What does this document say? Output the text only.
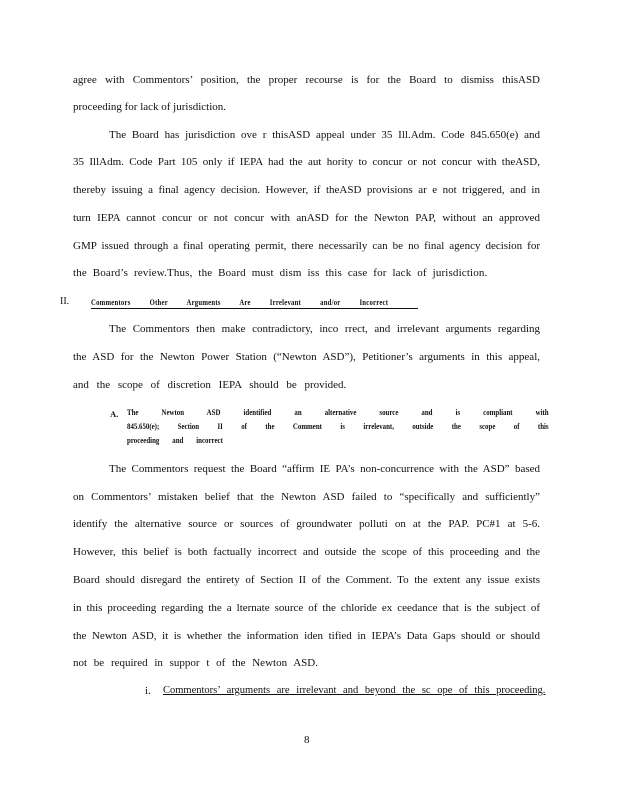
agree with Commentors’ position, the proper recourse is for the Board to dismiss thisASD
proceeding for lack of jurisdiction.
The Board has jurisdiction ove r thisASD appeal under 35 Ill.Adm. Code 845.650(e) and
35 IllAdm. Code Part 105 only if IEPA had the aut hority to concur or not concur with theASD,
thereby issuing a final agency decision. However, if theASD provisions ar e not triggered, and in
turn IEPA cannot concur or not concur with anASD for the Newton PAP, without an approved
GMP issued through a final operating permit, there necessarily can be no final agency decision for
the Board’s review.Thus, the Board must dism iss this case for lack of jurisdiction.
II.	Commentors Other Arguments Are Irrelevant and/or Incorrect
The Commentors then make contradictory, inco rrect, and irrelevant arguments regarding
the ASD for the Newton Power Station (“Newton ASD”), Petitioner’s arguments in this appeal,
and the scope of discretion IEPA should be provided.
A. The Newton ASD identified an alternative source and is compliant with
845.650(e); Section II of the Comment is irrelevant, outside the scope of this
proceeding and incorrect
The Commentors request the Board “affirm IE PA’s non-concurrence with the ASD” based
on Commentors’ mistaken belief that the Newton ASD failed to “specifically and sufficiently”
identify the alternative source or sources of groundwater polluti on at the PAP. PC#1 at 5-6.
However, this belief is both factually incorrect and outside the scope of this proceeding and the
Board should disregard the entirety of Section II of the Comment. To the extent any issue exists
in this proceeding regarding the a lternate source of the chloride ex ceedance that is the subject of
the Newton ASD, it is whether the information iden tified in IEPA’s Data Gaps should or should
not be required in suppor t of the Newton ASD.
i. Commentors’ arguments are irrelevant and beyond the sc ope of this proceeding.
8
